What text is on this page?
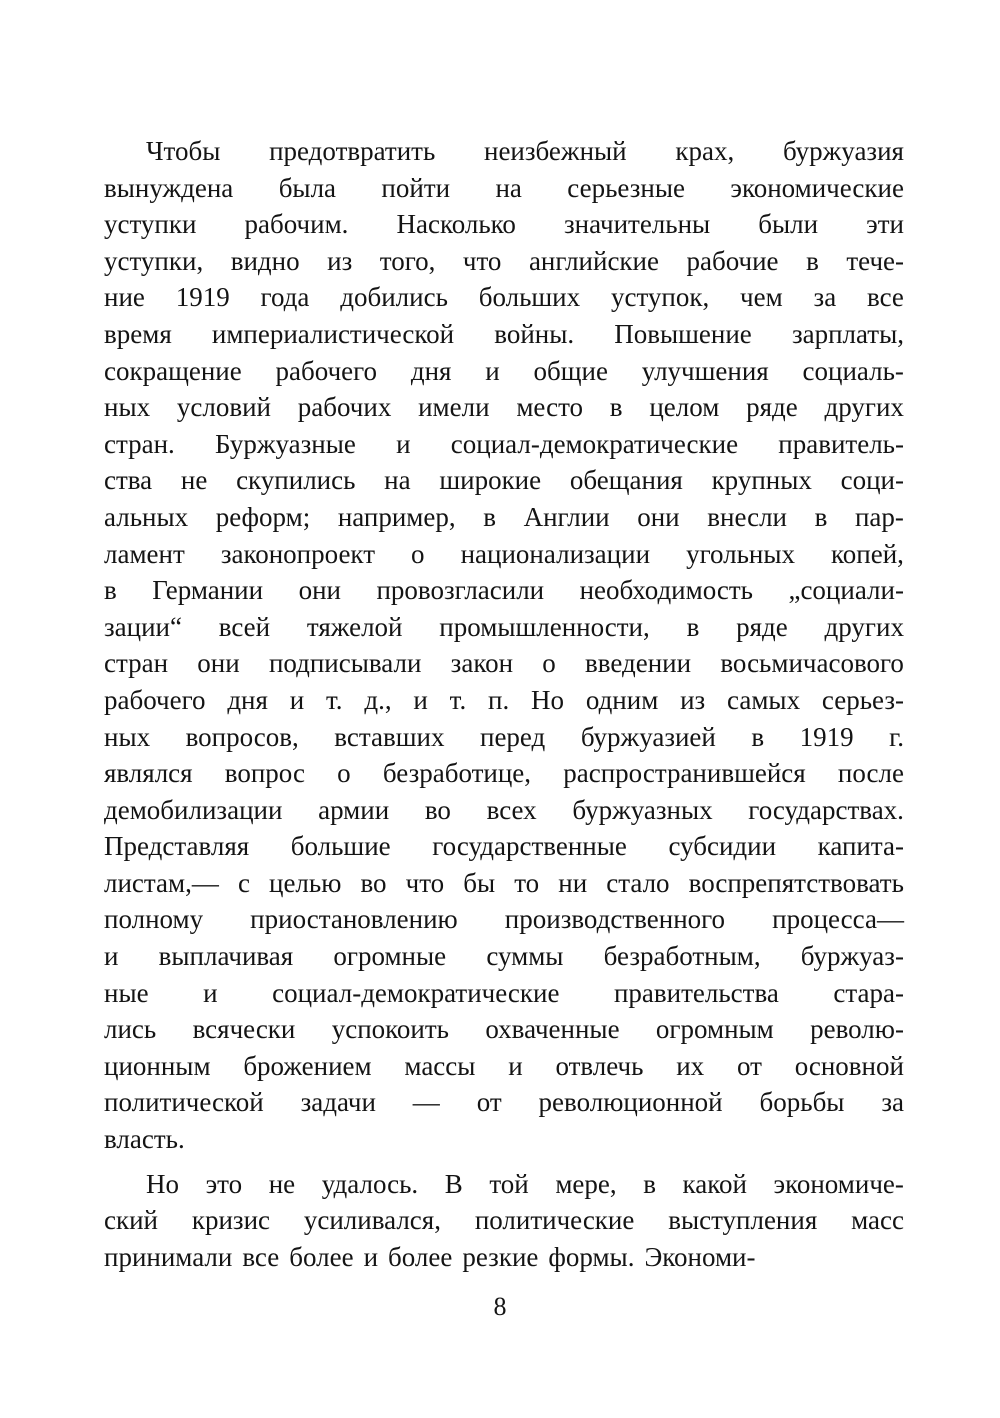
Чтобы предотвратить неизбежный крах, буржуазия
вынуждена была пойти на серьезные экономические
уступки рабочим. Насколько значительны были эти
уступки, видно из того, что английские рабочие в тече-
ние 1919 года добились больших уступок, чем за все
время империалистической войны. Повышение зарплаты,
сокращение рабочего дня и общие улучшения социаль-
ных условий рабочих имели место в целом ряде других
стран. Буржуазные и социал-демократические правитель-
ства не скупились на широкие обещания крупных соци-
альных реформ; например, в Англии они внесли в пар-
ламент законопроект о национализации угольных копей,
в Германии они провозгласили необходимость „социали-
зации“ всей тяжелой промышленности, в ряде других
стран они подписывали закон о введении восьмичасового
рабочего дня и т. д., и т. п. Но одним из самых серьез-
ных вопросов, вставших перед буржуазией в 1919 г.
являлся вопрос о безработице, распространившейся после
демобилизации армии во всех буржуазных государствах.
Представляя большие государственные субсидии капита-
листам,— с целью во что бы то ни стало воспрепятствовать
полному приостановлению производственного процесса—
и выплачивая огромные суммы безработным, буржуаз-
ные и социал-демократические правительства стара-
лись всячески успокоить охваченные огромным револю-
ционным брожением массы и отвлечь их от основной
политической задачи — от революционной борьбы за
власть.
Но это не удалось. В той мере, в какой экономиче-
ский кризис усиливался, политические выступления масс
принимали все более и более резкие формы. Экономи-
8
